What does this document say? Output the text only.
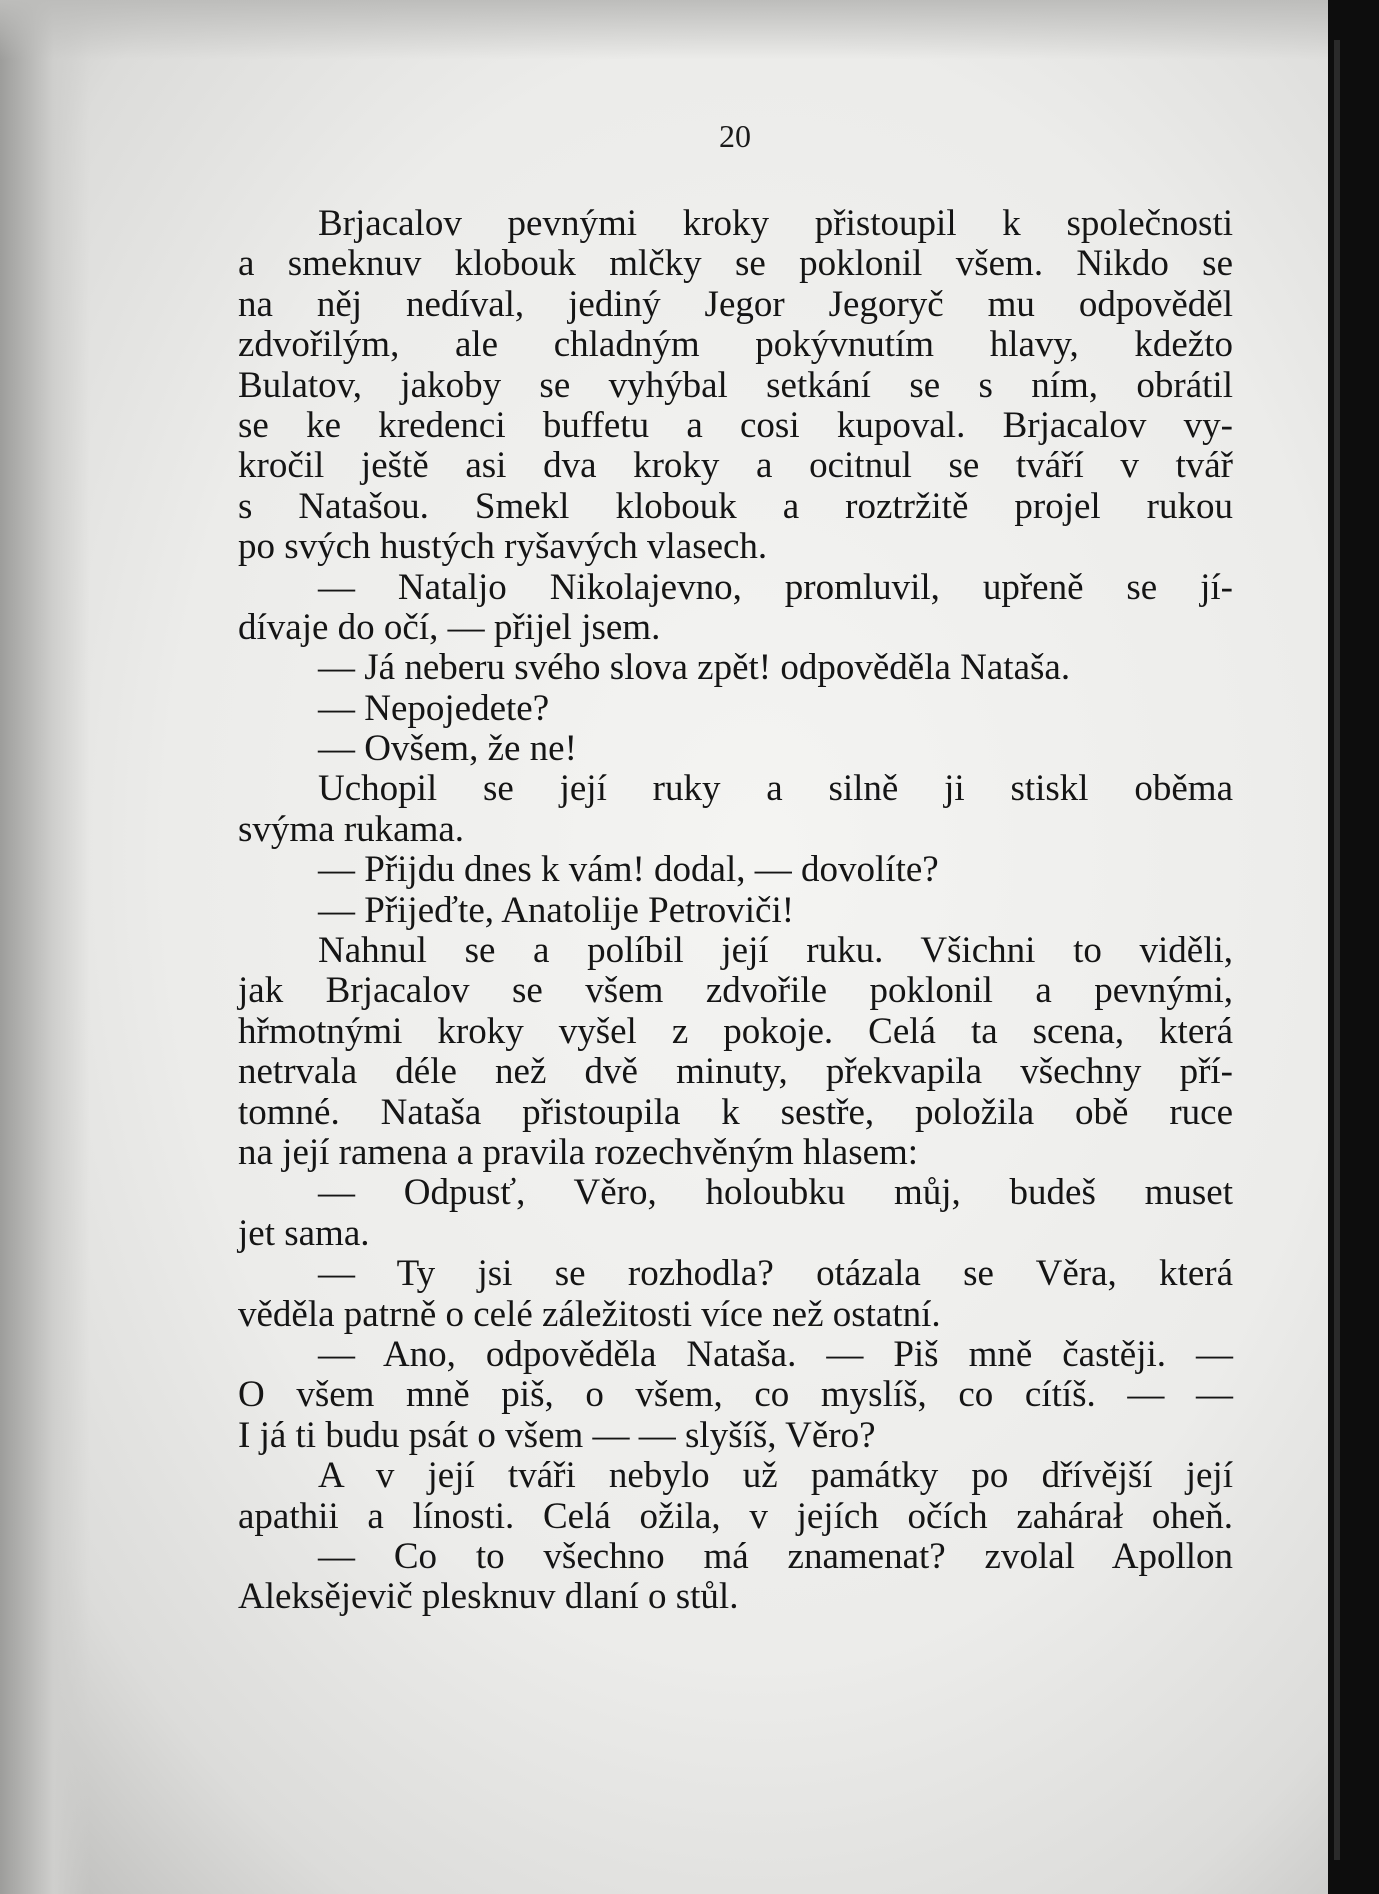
20

Brjacalov pevnými kroky přistoupil k společnosti
a smeknuv klobouk mlčky se poklonil všem. Nikdo se
na něj nedíval, jediný Jegor Jegoryč mu odpověděl
zdvořilým, ale chladným pokývnutím hlavy, kdežto
Bulatov, jakoby se vyhýbal setkání se s ním, obrátil
se ke kredenci buffetu a cosi kupoval. Brjacalov vy-
kročil ještě asi dva kroky a ocitnul se tváří v tvář
s Natašou. Smekl klobouk a roztržitě projel rukou
po svých hustých ryšavých vlasech.
— Nataljo Nikolajevno, promluvil, upřeně se jí-
dívaje do očí, — přijel jsem.
— Já neberu svého slova zpět! odpověděla Nataša.
— Nepojedete?
— Ovšem, že ne!
Uchopil se její ruky a silně ji stiskl oběma
svýma rukama.
— Přijdu dnes k vám! dodal, — dovolíte?
— Přijeďte, Anatolije Petroviči!
Nahnul se a políbil její ruku. Všichni to viděli,
jak Brjacalov se všem zdvořile poklonil a pevnými,
hřmotnými kroky vyšel z pokoje. Celá ta scena, která
netrvala déle než dvě minuty, překvapila všechny pří-
tomné. Nataša přistoupila k sestře, položila obě ruce
na její ramena a pravila rozechvěným hlasem:
— Odpusť, Věro, holoubku můj, budeš muset
jet sama.
— Ty jsi se rozhodla? otázala se Věra, která
věděla patrně o celé záležitosti více než ostatní.
— Ano, odpověděla Nataša. — Piš mně častěji. —
O všem mně piš, o všem, co myslíš, co cítíš. — —
I já ti budu psát o všem — — slyšíš, Věro?
A v její tváři nebylo už památky po dřívější její
apathii a línosti. Celá ožila, v jejích očích zahárał oheň.
— Co to všechno má znamenat? zvolal Apollon
Aleksějevič plesknuv dlaní o stůl.
